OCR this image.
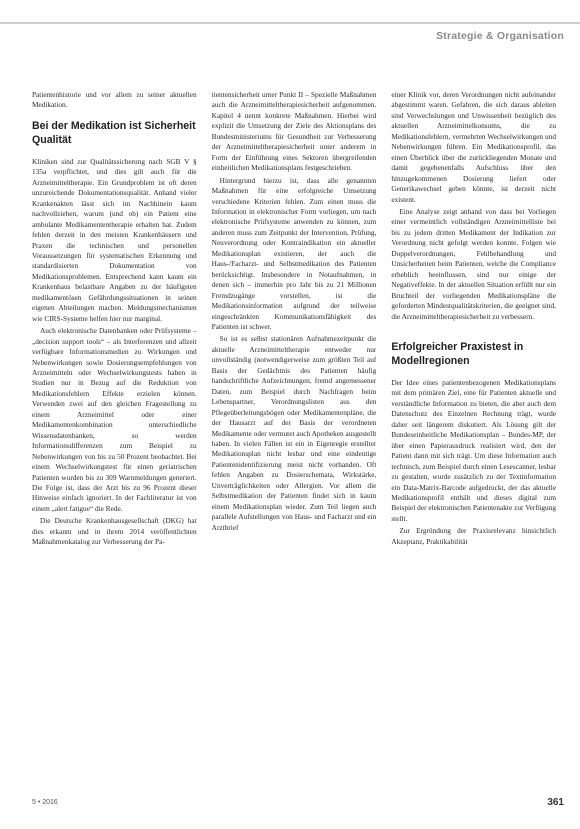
Strategie & Organisation

Patientenhistorie und vor allem zu seiner aktuellen Medikation.

Bei der Medikation ist Sicherheit Qualität

Kliniken sind zur Qualitätssicherung nach SGB V § 135a verpflichtet, und dies gilt auch für die Arzneimitteltherapie. Ein Grundproblem ist oft deren unzureichende Dokumentationsqualität. Anhand vieler Krankenakten lässt sich im Nachhinein kaum nachvollziehen, warum (und ob) ein Patient eine ambulante Medikamententherapie erhalten hat. Zudem fehlen derzeit in den meisten Krankenhäusern und Praxen die technischen und personellen Voraussetzungen für systematischen Erkennung und standardisierten Dokumentation von Medikationsproblemen. Entsprechend kann kaum ein Krankenhaus belastbare Angaben zu der häufigsten medikamentösen Gefährdungssituationen in seinen eigenen Abteilungen machen. Meldungsmechanismen wie CIRS-Systeme helfen hier nur marginal.

Auch elektronische Datenbanken oder Prüfsysteme – „decision support tools“ – als Interferenzen und allzeit verfügbare Informationsmedien zu Wirkungen und Nebenwirkungen sowie Dosierungsempfehlungen von Arzneimitteln oder Wechselwirkungstests haben in Studien nur in Bezug auf die Reduktion von Medikationsfehlern Effekte erzielen können. Verwenden zwei auf den gleichen Fragestellung zu einem Arzneimittel oder einer Medikamentenkombination unterschiedliche Wissensdatenbanken, so werden Informationsdifferenzen zum Beispiel zu Nebenwirkungen von bis zu 50 Prozent beobachtet. Bei einem Wechselwirkungstest für einen geriatrischen Patienten wurden bis zu 309 Warnmeldungen generiert. Die Folge ist, dass der Arzt bis zu 96 Prozent dieser Hinweise einfach ignoriert. In der Fachliteratur ist von einem „alert fatigue“ die Rede.

Die Deutsche Krankenhausgesellschaft (DKG) hat dies erkannt und in ihrem 2014 veröffentlichten Maßnahmenkatalog zur Verbesserung der Pa-

tientensicherheit unter Punkt II – Spezielle Maßnahmen auch die Arzneimitteltherapiesicherheit aufgenommen. Kapitel 4 nennt konkrete Maßnahmen. Hierbei wird explizit die Umsetzung der Ziele des Aktionsplans des Bundesministeriums für Gesundheit zur Verbesserung der Arzneimitteltherapiesicherheit unter anderem in Form der Einführung eines Sektoren übergreifenden einheitlichen Medikationsplans festgeschrieben.

Hintergrund hierzu ist, dass alle genannten Maßnahmen für eine erfolgreiche Umsetzung verschiedene Kriterien fehlen. Zum einen muss die Information in elektronischer Form vorliegen, um nach elektronische Prüfsysteme anwenden zu können, zum anderen muss zum Zeitpunkt der Intervention, Prüfung, Neuverordnung oder Kontraindikation ein aktueller Medikationsplan existieren, der auch die Haus-/Facharzt- und Selbstmedikation des Patienten berücksichtigt. Insbesondere in Notaufnahmen, in denen sich – immerhin pro Jahr bis zu 21 Millionen Fremdzugänge vorstellen, ist die Medikationsinformation aufgrund der teilweise eingeschränkten Kommunikationsfähigkeit des Patienten ist schwer.

So ist es selbst stationären Aufnahmezeitpunkt die aktuelle Arzneimitteltherapie entweder nur unvollständig (notwendigerweise zum größten Teil auf Basis der Gedächtnis des Patienten häufig handschriftliche Aufzeichnungen, fremd angemessener Daten, zum Beispiel durch Nachfragen beim Lebenspartner, Verordnungslisten aus den Pflegeüberleitungsbögen oder Medikamentenpläne, die der Hausarzt auf der Basis der verordneten Medikamente oder vermutet auch Apotheken ausgestellt haben. In vielen Fällen ist ein in Eigenregie erstellter Medikationsplan nicht lesbar und eine eindeutige Patientenidentifizierung meist nicht vorhanden. Oft fehlen Angaben zu Dosierschemata, Wirkstärke, Unverträglichkeiten oder Allergien. Vor allem die Selbstmedikation der Patienten findet sich in kaum einem Medikationsplan wieder. Zum Teil liegen auch parallele Aufstellungen von Haus- und Facharzt und ein Arztbrief

einer Klinik vor, deren Verordnungen nicht aufeinander abgestimmt waren. Gefahren, die sich daraus ableiten sind Verwechslungen und Unwissenheit bezüglich des aktuellen Arzneimittelkonsums, die zu Medikationsfehlern, vermehrten Wechselwirkungen und Nebenwirkungen führen. Ein Medikationsprofil, das einen Überblick über die zurückliegenden Monate und damit gegebenenfalls Aufschluss über den hinzugekommenen Dosierung liefert oder Generikawechsel geben könnte, ist derzeit nicht existent.

Eine Analyse zeigt anhand von dass bei Vorliegen einer vermeintlich vollständigen Arzneimittelliste bei bis zu jedem dritten Medikament der Indikation zur Verordnung nicht gefolgt werden konnte. Folgen wie Doppelverordnungen, Fehlbehandlung und Unsicherheiten beim Patienten, welche die Compliance erheblich beeinflussen, sind nur einige der Negativeffekte. In der aktuellen Situation erfüllt nur ein Bruchteil der vorliegenden Medikationspläne die geforderten Mindestqualitätskriterien, die geeignet sind, die Arzneimitteltherapiesicherheit zu verbessern.

Erfolgreicher Praxistest in Modellregionen

Der Idee eines patientenbezogenen Medikationsplans mit dem primären Ziel, eine für Patienten aktuelle und verständliche Information zu bieten, die aber auch dem Datenschutz des Einzelnen Rechnung trägt, wurde daher seit längerem diskutiert. Als Lösung gilt der Bundeseinheitliche Medikationsplan – Bundes-MP, der über einen Papierausdruck realisiert wird, den der Patient dann mit sich trägt. Um diese Information auch technisch, zum Beispiel durch einen Lesescanner, lesbar zu gestalten, wurde zusätzlich zu der Textinformation ein Data-Matrix-Barcode aufgedruckt, der das aktuelle Medikationsprofil enthält und dieses digital zum Beispiel der elektronischen Patientenakte zur Verfügung stellt.

Zur Ergründung der Praxisrelevanz hinsichtlich Akzeptanz, Praktikabilität

5 • 2016	361
